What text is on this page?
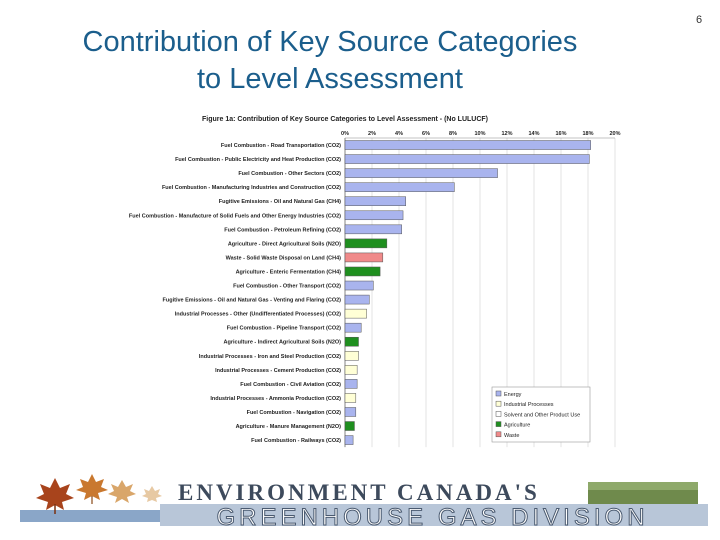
Contribution of Key Source Categories
to Level Assessment
6
Figure 1a: Contribution of Key Source Categories to Level Assessment - (No LULUCF)
0%	2%	4%	6%	8%	10%	12%	14%	16%	18%	20%
Fuel Combustion - Road Transportation (CO2)
Fuel Combustion - Public Electricity and Heat Production (CO2)
Fuel Combustion - Other Sectors (CO2)
Fuel Combustion - Manufacturing Industries and Construction (CO2)
Fugitive Emissions - Oil and Natural Gas (CH4)
Fuel Combustion - Manufacture of Solid Fuels and Other Energy Industries (CO2)
Fuel Combustion - Petroleum Refining (CO2)
Agriculture - Direct Agricultural Soils (N2O)
Waste - Solid Waste Disposal on Land (CH4)
Agriculture - Enteric Fermentation (CH4)
Fuel Combustion - Other Transport (CO2)
Fugitive Emissions - Oil and Natural Gas - Venting and Flaring (CO2)
Industrial Processes - Other (Undifferentiated Processes) (CO2)
Fuel Combustion - Pipeline Transport (CO2)
Agriculture - Indirect Agricultural Soils (N2O)
Industrial Processes - Iron and Steel Production (CO2)
Industrial Processes - Cement Production (CO2)
Fuel Combustion - Civil Aviation (CO2)
Industrial Processes - Ammonia Production (CO2)
Fuel Combustion - Navigation (CO2)
Agriculture - Manure Management (N2O)
Fuel Combustion - Railways (CO2)
Energy
Industrial Processes
Solvent and Other Product Use
Agriculture
Waste
ENVIRONMENT CANADA'S
GREENHOUSE GAS DIVISION
